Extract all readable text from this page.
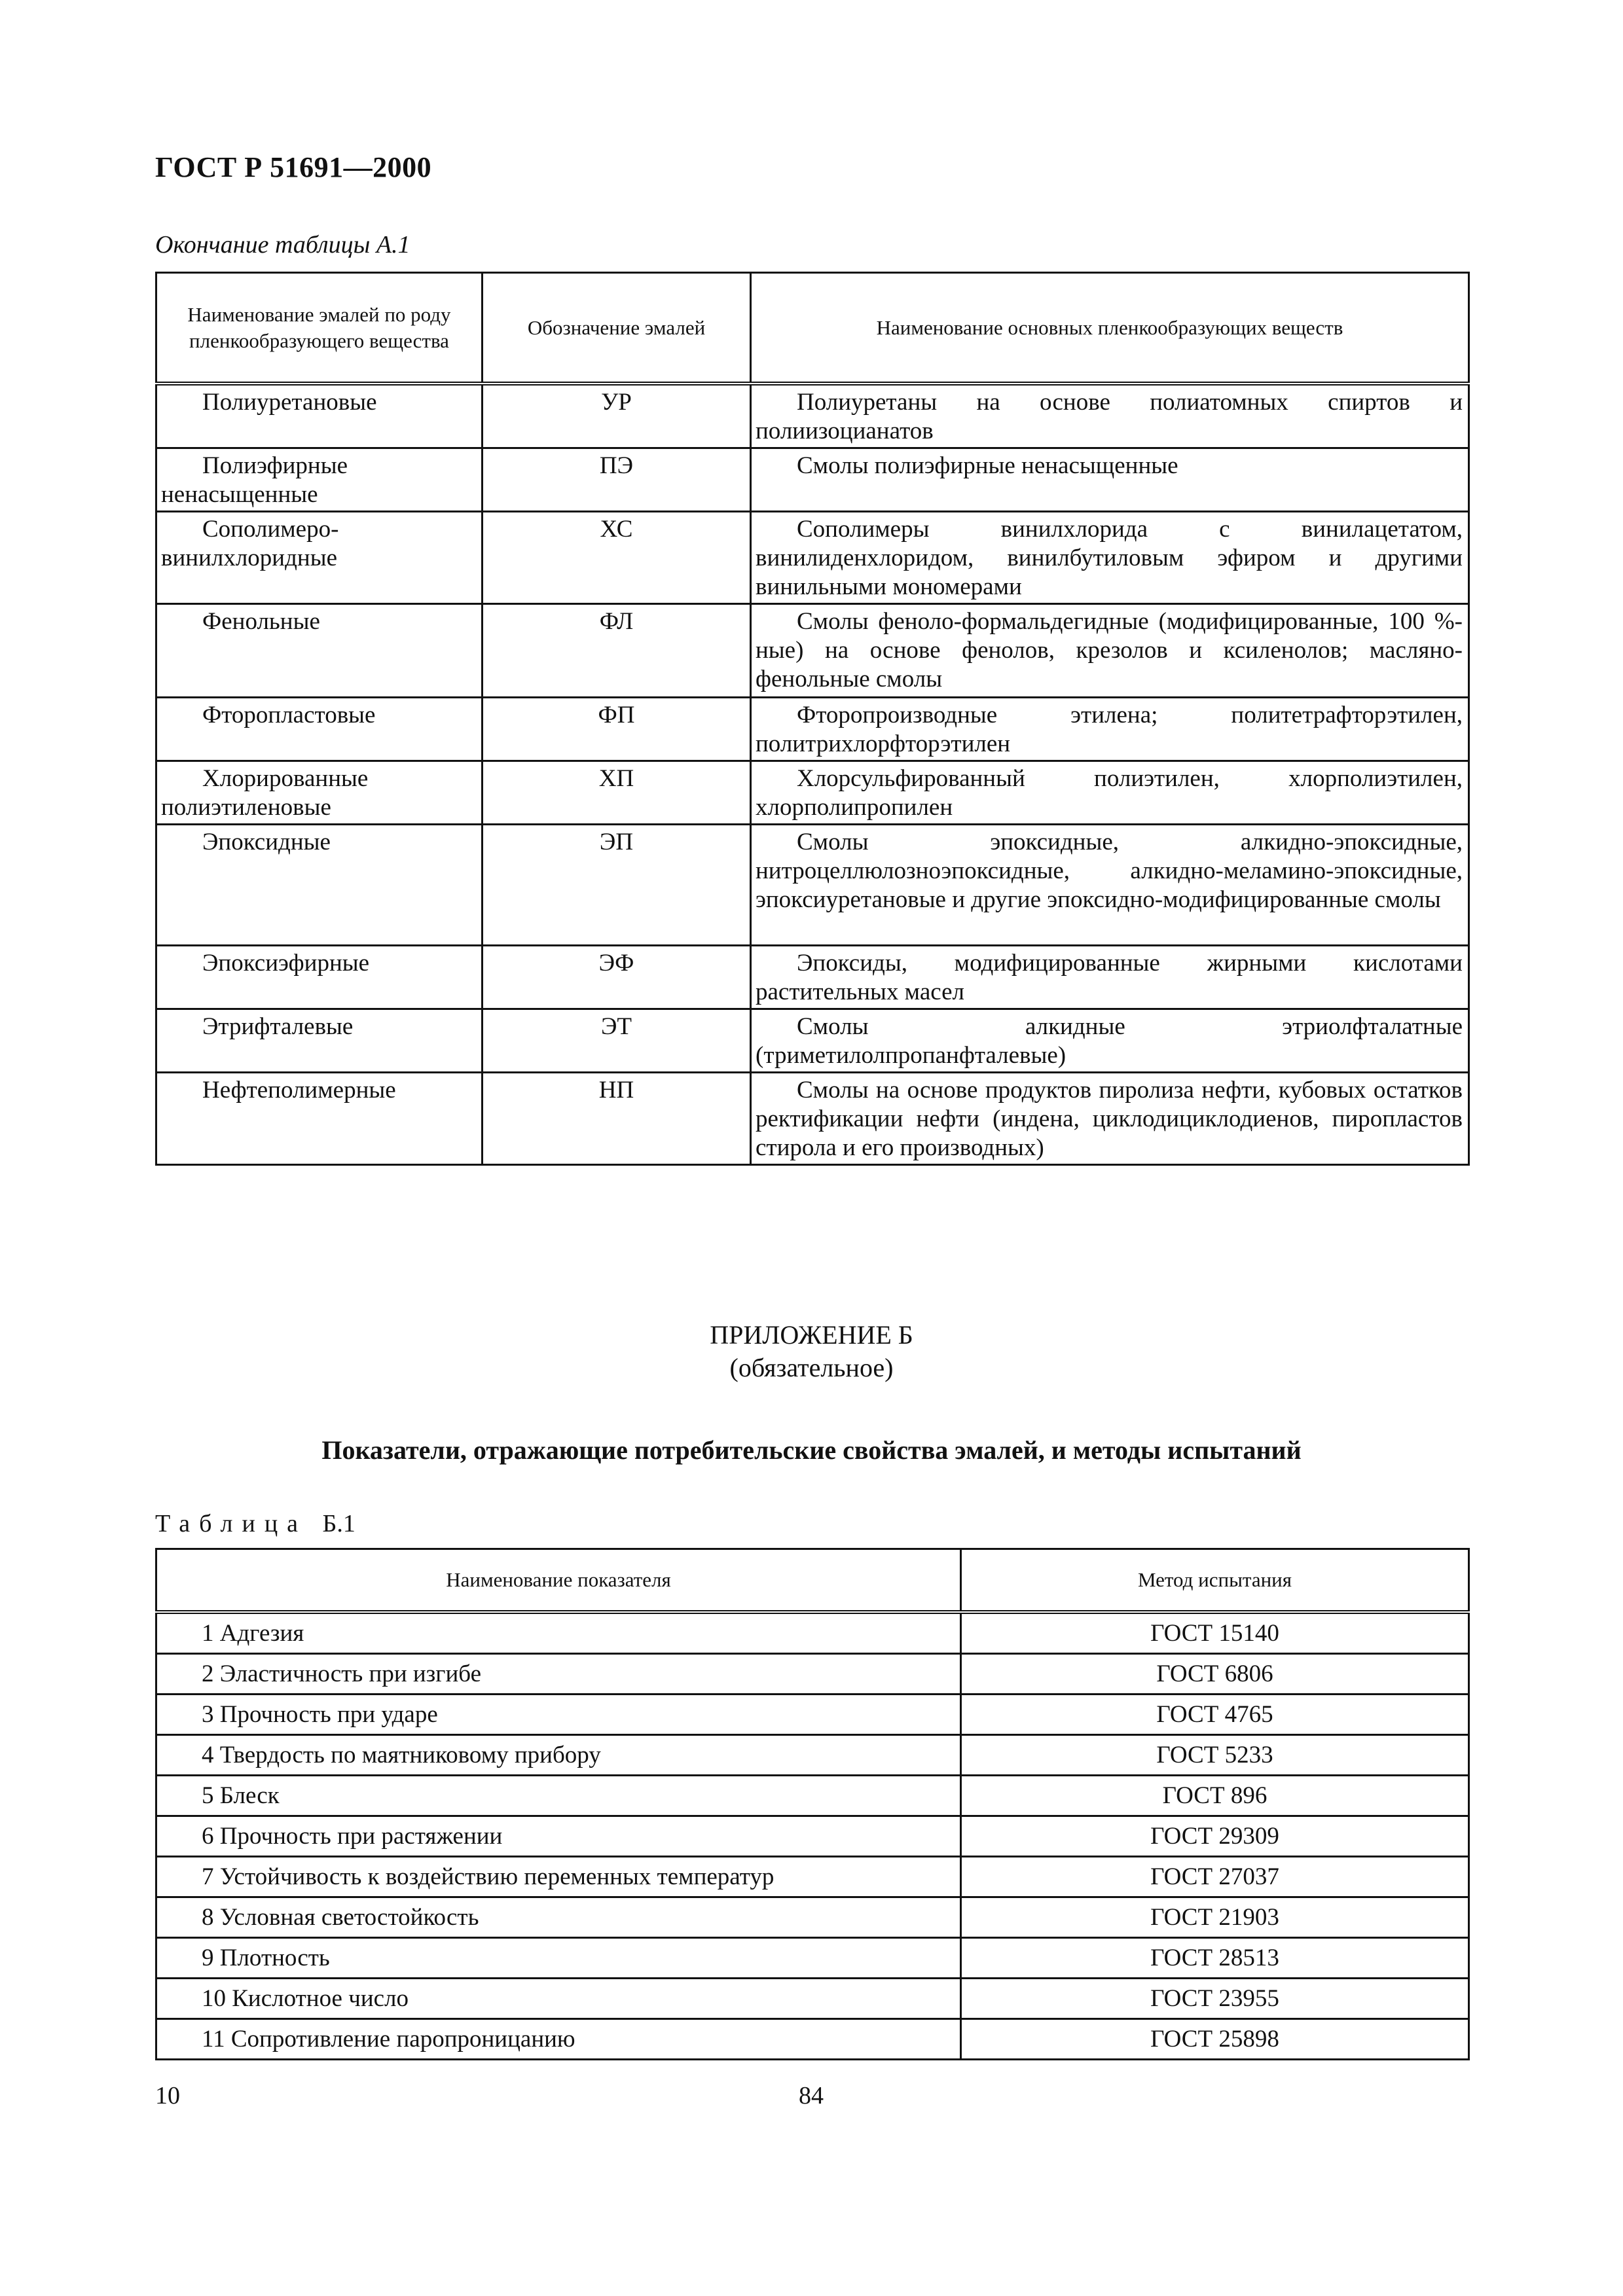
ГОСТ Р 51691—2000
Окончание таблицы А.1
Наименование эмалей по роду пленкообразующего вещества	Обозначение эмалей	Наименование основных пленкообразующих веществ
Полиуретановые	УР	Полиуретаны на основе полиатомных спиртов и полиизоцианатов
Полиэфирные ненасыщенные	ПЭ	Смолы полиэфирные ненасыщенные
Сополимеро-винилхлоридные	ХС	Сополимеры винилхлорида с винилацетатом, винилиденхлоридом, винилбутиловым эфиром и другими винильными мономерами
Фенольные	ФЛ	Смолы феноло-формальдегидные (модифицированные, 100 %-ные) на основе фенолов, крезолов и ксиленолов; масляно-фенольные смолы
Фторопластовые	ФП	Фторопроизводные этилена; политетрафторэтилен, политрихлорфторэтилен
Хлорированные полиэтиленовые	ХП	Хлорсульфированный полиэтилен, хлорполиэтилен, хлорполипропилен
Эпоксидные	ЭП	Смолы эпоксидные, алкидно-эпоксидные, нитроцеллюлозноэпоксидные, алкидно-меламино-эпоксидные, эпоксиуретановые и другие эпоксидно-модифицированные смолы
Эпоксиэфирные	ЭФ	Эпоксиды, модифицированные жирными кислотами растительных масел
Этрифталевые	ЭТ	Смолы алкидные этриолфталатные (триметилолпропанфталевые)
Нефтеполимерные	НП	Смолы на основе продуктов пиролиза нефти, кубовых остатков ректификации нефти (индена, циклодициклодиенов, пиропластов стирола и его производных)
ПРИЛОЖЕНИЕ Б
(обязательное)
Показатели, отражающие потребительские свойства эмалей, и методы испытаний
Таблица Б.1
Наименование показателя	Метод испытания
1 Адгезия	ГОСТ 15140
2 Эластичность при изгибе	ГОСТ 6806
3 Прочность при ударе	ГОСТ 4765
4 Твердость по маятниковому прибору	ГОСТ 5233
5 Блеск	ГОСТ 896
6 Прочность при растяжении	ГОСТ 29309
7 Устойчивость к воздействию переменных температур	ГОСТ 27037
8 Условная светостойкость	ГОСТ 21903
9 Плотность	ГОСТ 28513
10 Кислотное число	ГОСТ 23955
11 Сопротивление паропроницанию	ГОСТ 25898
10	84
